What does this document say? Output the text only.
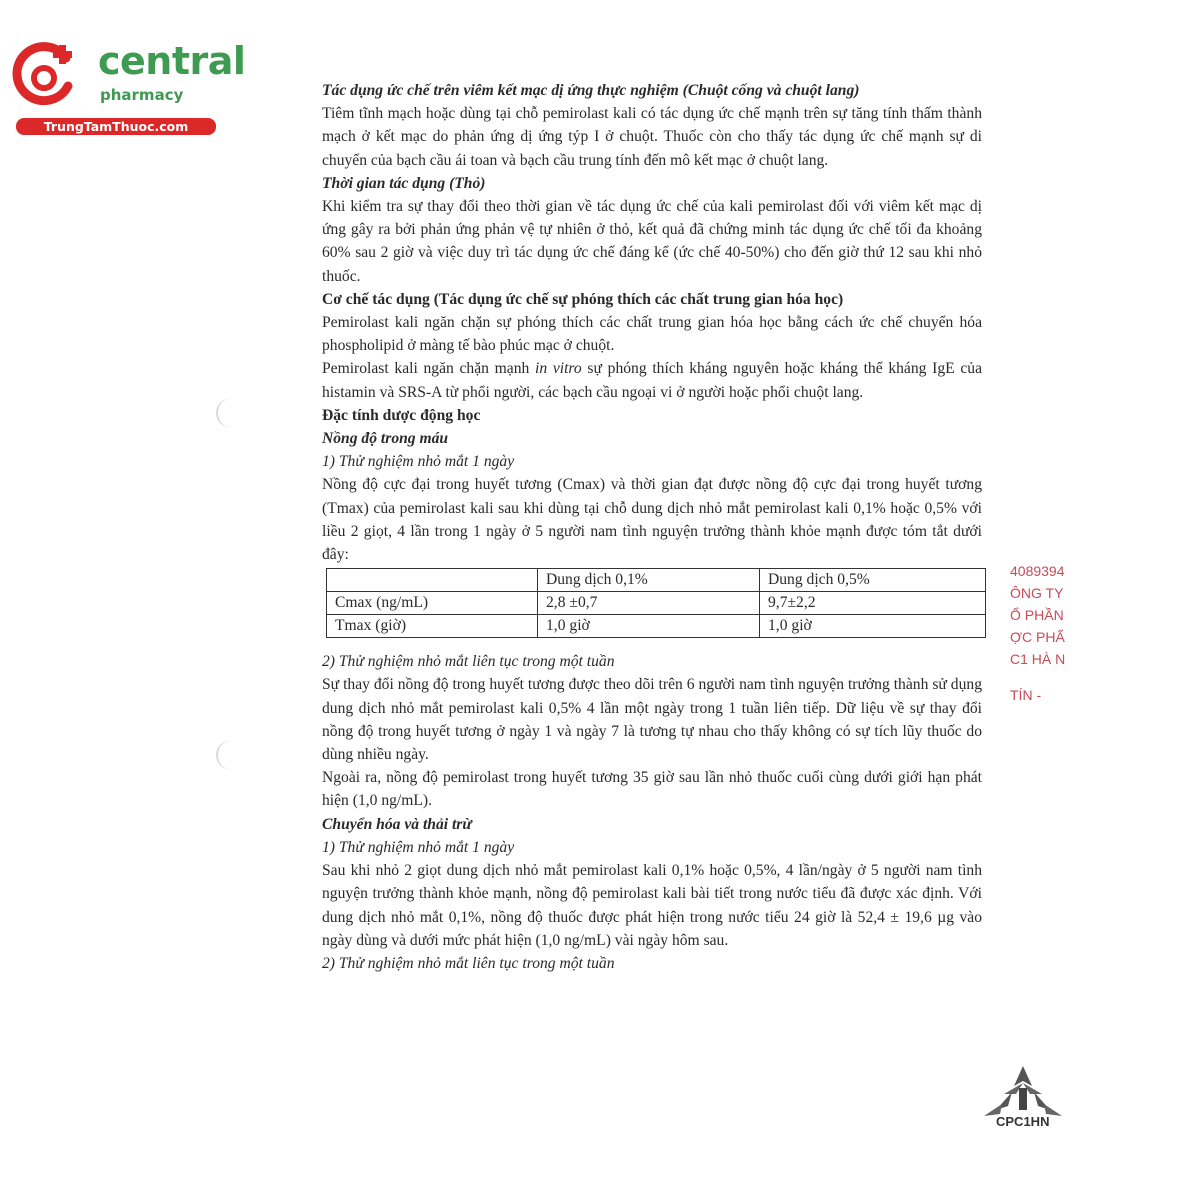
central
pharmacy
TrungTamThuoc.com

Tác dụng ức chế trên viêm kết mạc dị ứng thực nghiệm (Chuột cống và chuột lang)

Tiêm tĩnh mạch hoặc dùng tại chỗ pemirolast kali có tác dụng ức chế mạnh trên sự tăng tính thấm thành mạch ở kết mạc do phản ứng dị ứng týp I ở chuột. Thuốc còn cho thấy tác dụng ức chế mạnh sự di chuyển của bạch cầu ái toan và bạch cầu trung tính đến mô kết mạc ở chuột lang.

Thời gian tác dụng (Thỏ)

Khi kiểm tra sự thay đổi theo thời gian về tác dụng ức chế của kali pemirolast đối với viêm kết mạc dị ứng gây ra bởi phản ứng phản vệ tự nhiên ở thỏ, kết quả đã chứng minh tác dụng ức chế tối đa khoảng 60% sau 2 giờ và việc duy trì tác dụng ức chế đáng kể (ức chế 40-50%) cho đến giờ thứ 12 sau khi nhỏ thuốc.

Cơ chế tác dụng (Tác dụng ức chế sự phóng thích các chất trung gian hóa học)

Pemirolast kali ngăn chặn sự phóng thích các chất trung gian hóa học bằng cách ức chế chuyển hóa phospholipid ở màng tế bào phúc mạc ở chuột.

Pemirolast kali ngăn chặn mạnh in vitro sự phóng thích kháng nguyên hoặc kháng thể kháng IgE của histamin và SRS-A từ phổi người, các bạch cầu ngoại vi ở người hoặc phổi chuột lang.

Đặc tính dược động học

Nồng độ trong máu

1) Thử nghiệm nhỏ mắt 1 ngày

Nồng độ cực đại trong huyết tương (Cmax) và thời gian đạt được nồng độ cực đại trong huyết tương (Tmax) của pemirolast kali sau khi dùng tại chỗ dung dịch nhỏ mắt pemirolast kali 0,1% hoặc 0,5% với liều 2 giọt, 4 lần trong 1 ngày ở 5 người nam tình nguyện trưởng thành khỏe mạnh được tóm tắt dưới đây:

	Dung dịch 0,1%	Dung dịch 0,5%
Cmax (ng/mL)	2,8 ±0,7	9,7±2,2
Tmax (giờ)	1,0 giờ	1,0 giờ

2) Thử nghiệm nhỏ mắt liên tục trong một tuần

Sự thay đổi nồng độ trong huyết tương được theo dõi trên 6 người nam tình nguyện trưởng thành sử dụng dung dịch nhỏ mắt pemirolast kali 0,5% 4 lần một ngày trong 1 tuần liên tiếp. Dữ liệu về sự thay đổi nồng độ trong huyết tương ở ngày 1 và ngày 7 là tương tự nhau cho thấy không có sự tích lũy thuốc do dùng nhiều ngày.

Ngoài ra, nồng độ pemirolast trong huyết tương 35 giờ sau lần nhỏ thuốc cuối cùng dưới giới hạn phát hiện (1,0 ng/mL).

Chuyển hóa và thải trừ

1) Thử nghiệm nhỏ mắt 1 ngày

Sau khi nhỏ 2 giọt dung dịch nhỏ mắt pemirolast kali 0,1% hoặc 0,5%, 4 lần/ngày ở 5 người nam tình nguyện trưởng thành khỏe mạnh, nồng độ pemirolast kali bài tiết trong nước tiểu đã được xác định. Với dung dịch nhỏ mắt 0,1%, nồng độ thuốc được phát hiện trong nước tiểu 24 giờ là 52,4 ± 19,6 µg vào ngày dùng và dưới mức phát hiện (1,0 ng/mL) vài ngày hôm sau.

2) Thử nghiệm nhỏ mắt liên tục trong một tuần

4089394
ÔNG TY
Ổ PHẦN
ỢC PHẨ
C1 HÀ N
TÍN -
CPC1HN
